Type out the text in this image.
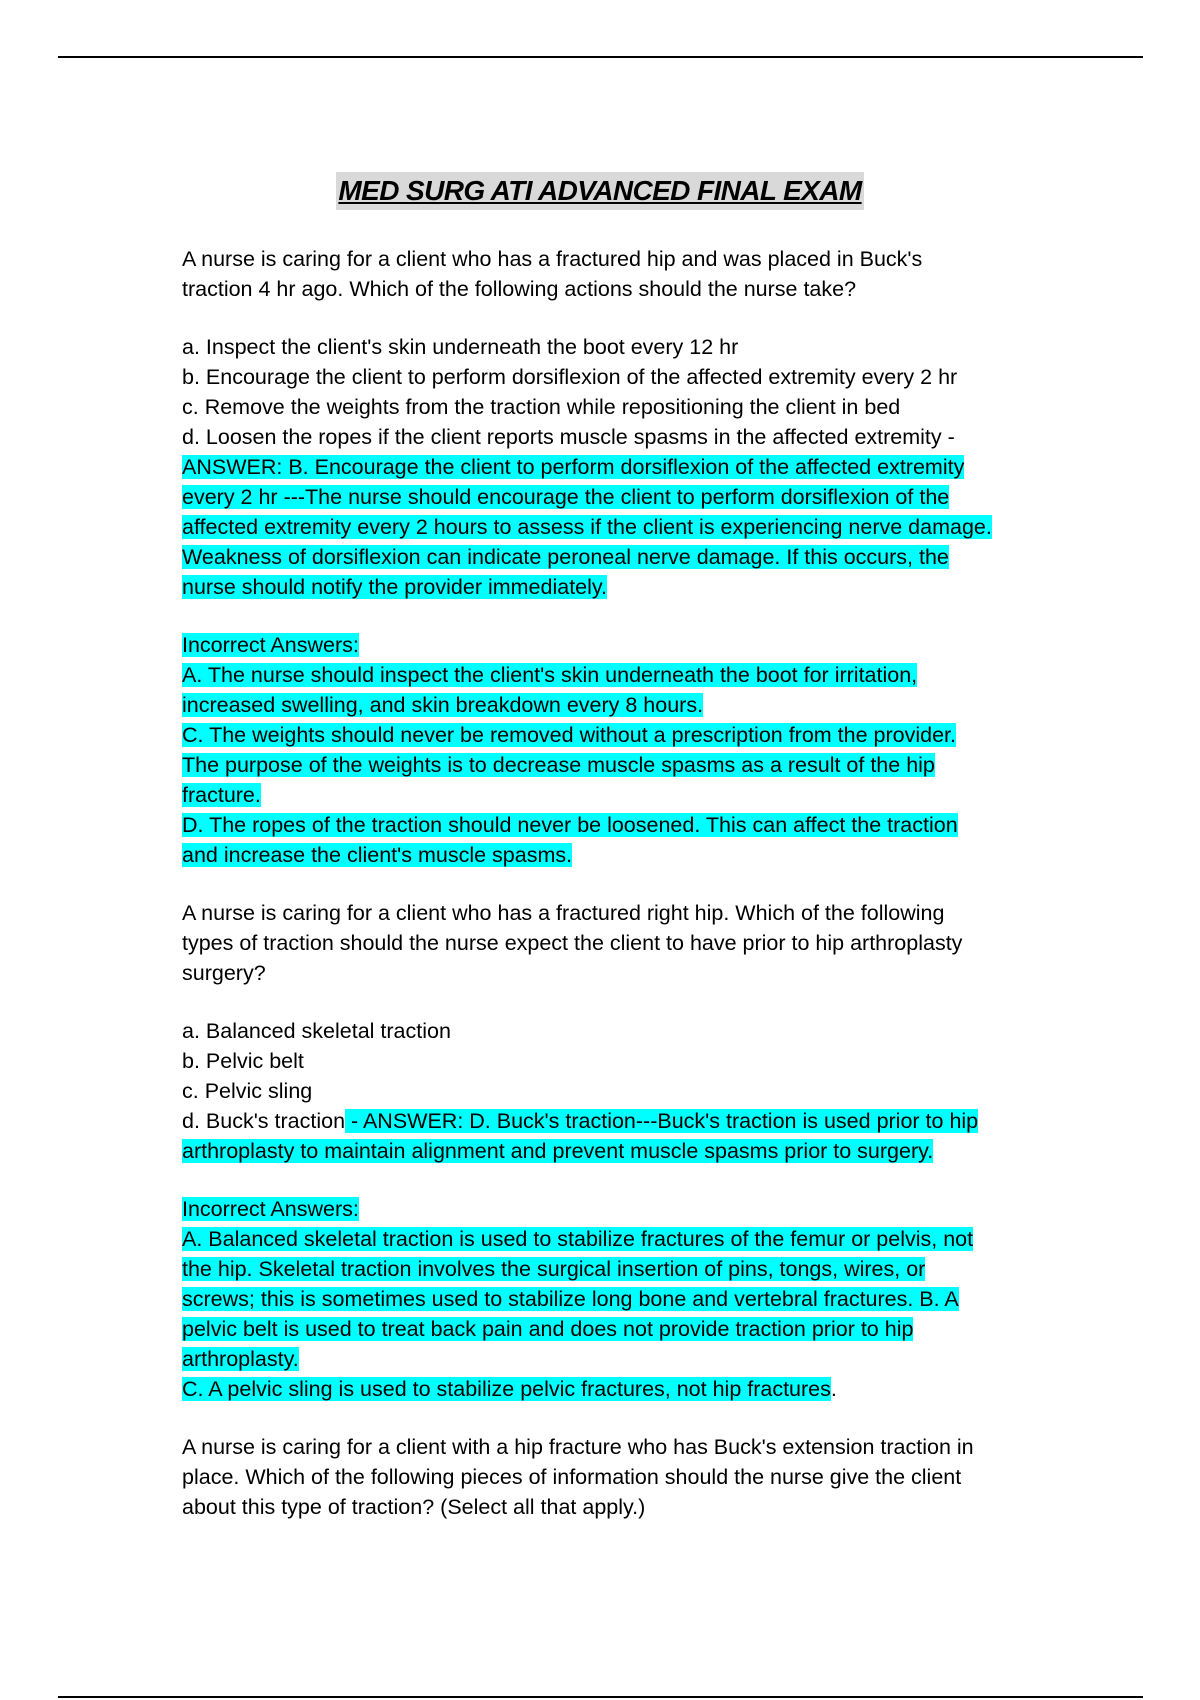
MED SURG ATI ADVANCED FINAL EXAM

A nurse is caring for a client who has a fractured hip and was placed in Buck's
traction 4 hr ago. Which of the following actions should the nurse take?

a. Inspect the client's skin underneath the boot every 12 hr
b. Encourage the client to perform dorsiflexion of the affected extremity every 2 hr
c. Remove the weights from the traction while repositioning the client in bed
d. Loosen the ropes if the client reports muscle spasms in the affected extremity -
ANSWER: B. Encourage the client to perform dorsiflexion of the affected extremity
every 2 hr ---The nurse should encourage the client to perform dorsiflexion of the
affected extremity every 2 hours to assess if the client is experiencing nerve damage.
Weakness of dorsiflexion can indicate peroneal nerve damage. If this occurs, the
nurse should notify the provider immediately.

Incorrect Answers:
A. The nurse should inspect the client's skin underneath the boot for irritation,
increased swelling, and skin breakdown every 8 hours.
C. The weights should never be removed without a prescription from the provider.
The purpose of the weights is to decrease muscle spasms as a result of the hip
fracture.
D. The ropes of the traction should never be loosened. This can affect the traction
and increase the client's muscle spasms.

A nurse is caring for a client who has a fractured right hip. Which of the following
types of traction should the nurse expect the client to have prior to hip arthroplasty
surgery?

a. Balanced skeletal traction
b. Pelvic belt
c. Pelvic sling
d. Buck's traction - ANSWER: D. Buck's traction---Buck's traction is used prior to hip
arthroplasty to maintain alignment and prevent muscle spasms prior to surgery.

Incorrect Answers:
A. Balanced skeletal traction is used to stabilize fractures of the femur or pelvis, not
the hip. Skeletal traction involves the surgical insertion of pins, tongs, wires, or
screws; this is sometimes used to stabilize long bone and vertebral fractures. B. A
pelvic belt is used to treat back pain and does not provide traction prior to hip
arthroplasty.
C. A pelvic sling is used to stabilize pelvic fractures, not hip fractures.

A nurse is caring for a client with a hip fracture who has Buck's extension traction in
place. Which of the following pieces of information should the nurse give the client
about this type of traction? (Select all that apply.)
